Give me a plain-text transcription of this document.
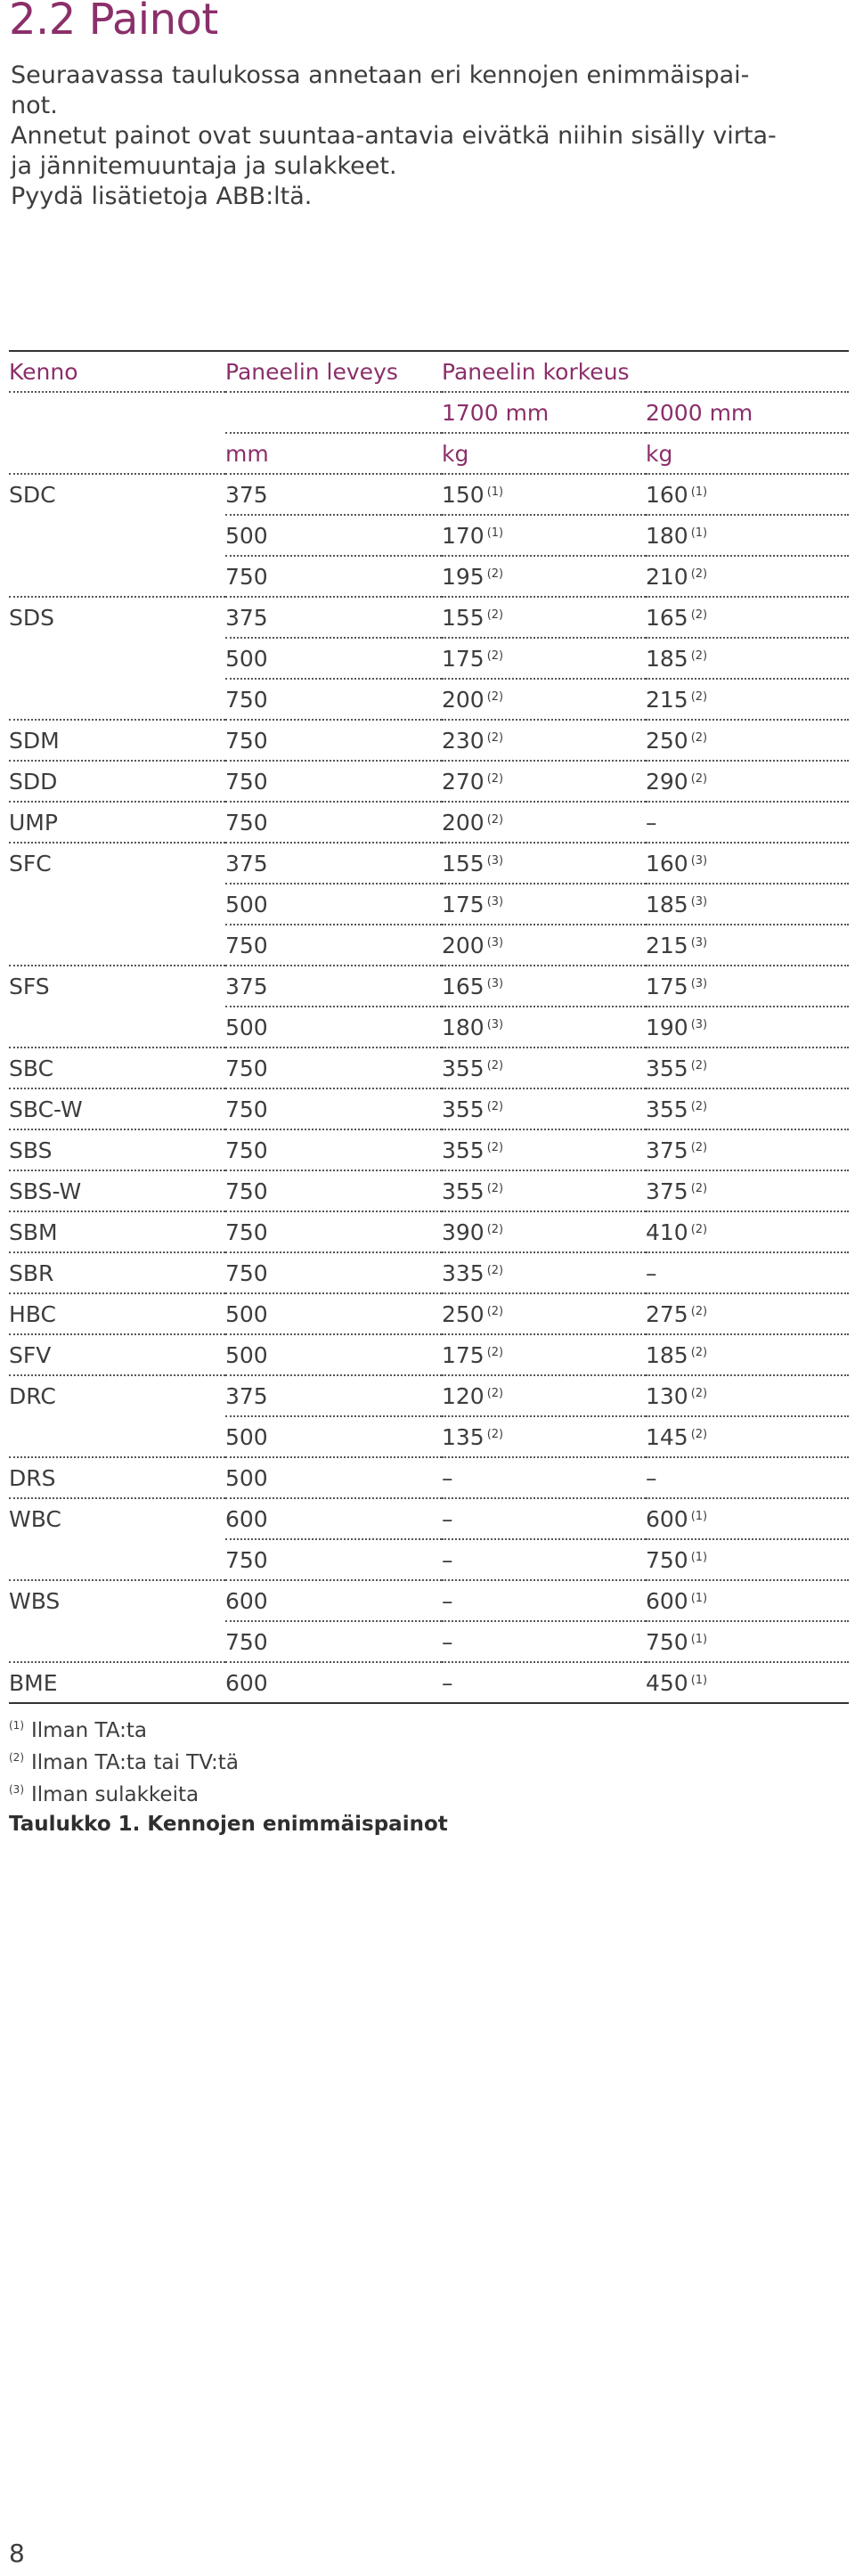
2.2 Painot

Seuraavassa taulukossa annetaan eri kennojen enimmäispai-

not.

Annetut painot ovat suuntaa-antavia eivätkä niihin sisälly virta-

ja jännitemuuntaja ja sulakkeet.

Pyydä lisätietoja ABB:ltä.

Kenno	Paneelin leveys	Paneelin korkeus	
		1700 mm	2000 mm
	mm	kg	kg
SDC	375	150 $^{(1)}$	160 $^{(1)}$
	500	170 $^{(1)}$	180 $^{(1)}$
	750	195 $^{(2)}$	210 $^{(2)}$
SDS	375	155 $^{(2)}$	165 $^{(2)}$
	500	175 $^{(2)}$	185 $^{(2)}$
	750	200 $^{(2)}$	215 $^{(2)}$
SDM	750	230 $^{(2)}$	250 $^{(2)}$
SDD	750	270 $^{(2)}$	290 $^{(2)}$
UMP	750	200 $^{(2)}$	–
SFC	375	155 $^{(3)}$	160 $^{(3)}$
	500	175 $^{(3)}$	185 $^{(3)}$
	750	200 $^{(3)}$	215 $^{(3)}$
SFS	375	165 $^{(3)}$	175 $^{(3)}$
	500	180 $^{(3)}$	190 $^{(3)}$
SBC	750	355 $^{(2)}$	355 $^{(2)}$
SBC-W	750	355 $^{(2)}$	355 $^{(2)}$
SBS	750	355 $^{(2)}$	375 $^{(2)}$
SBS-W	750	355 $^{(2)}$	375 $^{(2)}$
SBM	750	390 $^{(2)}$	410 $^{(2)}$
SBR	750	335 $^{(2)}$	–
HBC	500	250 $^{(2)}$	275 $^{(2)}$
SFV	500	175 $^{(2)}$	185 $^{(2)}$
DRC	375	120 $^{(2)}$	130 $^{(2)}$
	500	135 $^{(2)}$	145 $^{(2)}$
DRS	500	–	–
WBC	600	–	600 $^{(1)}$
	750	–	750 $^{(1)}$
WBS	600	–	600 $^{(1)}$
	750	–	750 $^{(1)}$
BME	600	–	450 $^{(1)}$
$^{(1)}$ Ilman TA:ta
$^{(2)}$ Ilman TA:ta tai TV:tä
$^{(3)}$ Ilman sulakkeita
Taulukko 1. Kennojen enimmäispainot
8
